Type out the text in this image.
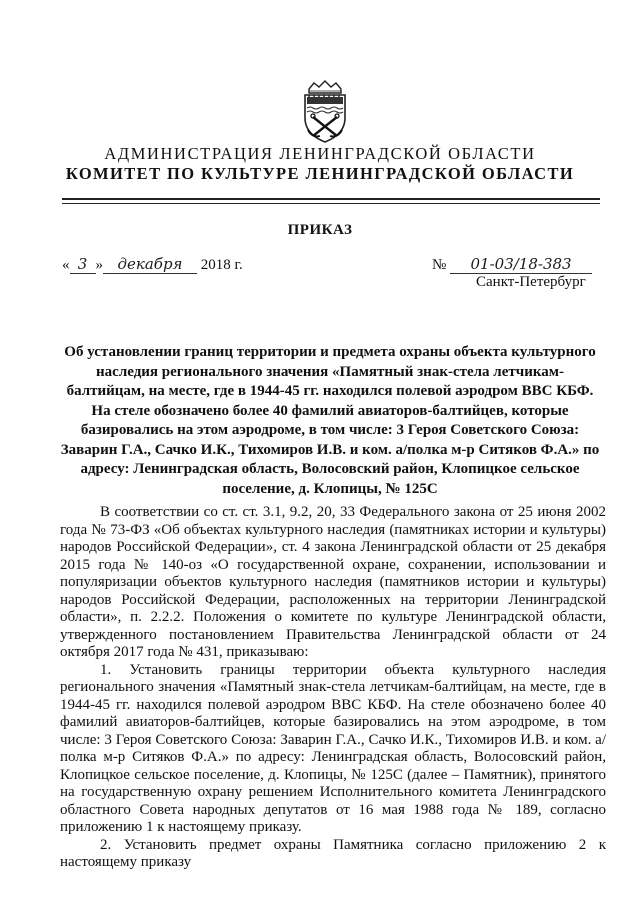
АДМИНИСТРАЦИЯ ЛЕНИНГРАДСКОЙ ОБЛАСТИ
КОМИТЕТ ПО КУЛЬТУРЕ ЛЕНИНГРАДСКОЙ ОБЛАСТИ
ПРИКАЗ
« 3 » декабря 2018 г.	№ 01-03/18-383
Санкт-Петербург
Об установлении границ территории и предмета охраны объекта культурного наследия регионального значения «Памятный знак-стела летчикам-балтийцам, на месте, где в 1944-45 гг. находился полевой аэродром ВВС КБФ. На стеле обозначено более 40 фамилий авиаторов-балтийцев, которые базировались на этом аэродроме, в том числе: 3 Героя Советского Союза: Заварин Г.А., Сачко И.К., Тихомиров И.В. и ком. а/полка м-р Ситяков Ф.А.» по адресу: Ленинградская область, Волосовский район, Клопицкое сельское поселение, д. Клопицы, № 125С

В соответствии со ст. ст. 3.1, 9.2, 20, 33 Федерального закона от 25 июня 2002 года № 73-ФЗ «Об объектах культурного наследия (памятниках истории и культуры) народов Российской Федерации», ст. 4 закона Ленинградской области от 25 декабря 2015 года № 140-оз «О государственной охране, сохранении, использовании и популяризации объектов культурного наследия (памятников истории и культуры) народов Российской Федерации, расположенных на территории Ленинградской области», п. 2.2.2. Положения о комитете по культуре Ленинградской области, утвержденного постановлением Правительства Ленинградской области от 24 октября 2017 года № 431, приказываю:

1. Установить границы территории объекта культурного наследия регионального значения «Памятный знак-стела летчикам-балтийцам, на месте, где в 1944-45 гг. находился полевой аэродром ВВС КБФ. На стеле обозначено более 40 фамилий авиаторов-балтийцев, которые базировались на этом аэродроме, в том числе: 3 Героя Советского Союза: Заварин Г.А., Сачко И.К., Тихомиров И.В. и ком. а/полка м-р Ситяков Ф.А.» по адресу: Ленинградская область, Волосовский район, Клопицкое сельское поселение, д. Клопицы, № 125С (далее – Памятник), принятого на государственную охрану решением Исполнительного комитета Ленинградского областного Совета народных депутатов от 16 мая 1988 года № 189, согласно приложению 1 к настоящему приказу.

2. Установить предмет охраны Памятника согласно приложению 2 к настоящему приказу
